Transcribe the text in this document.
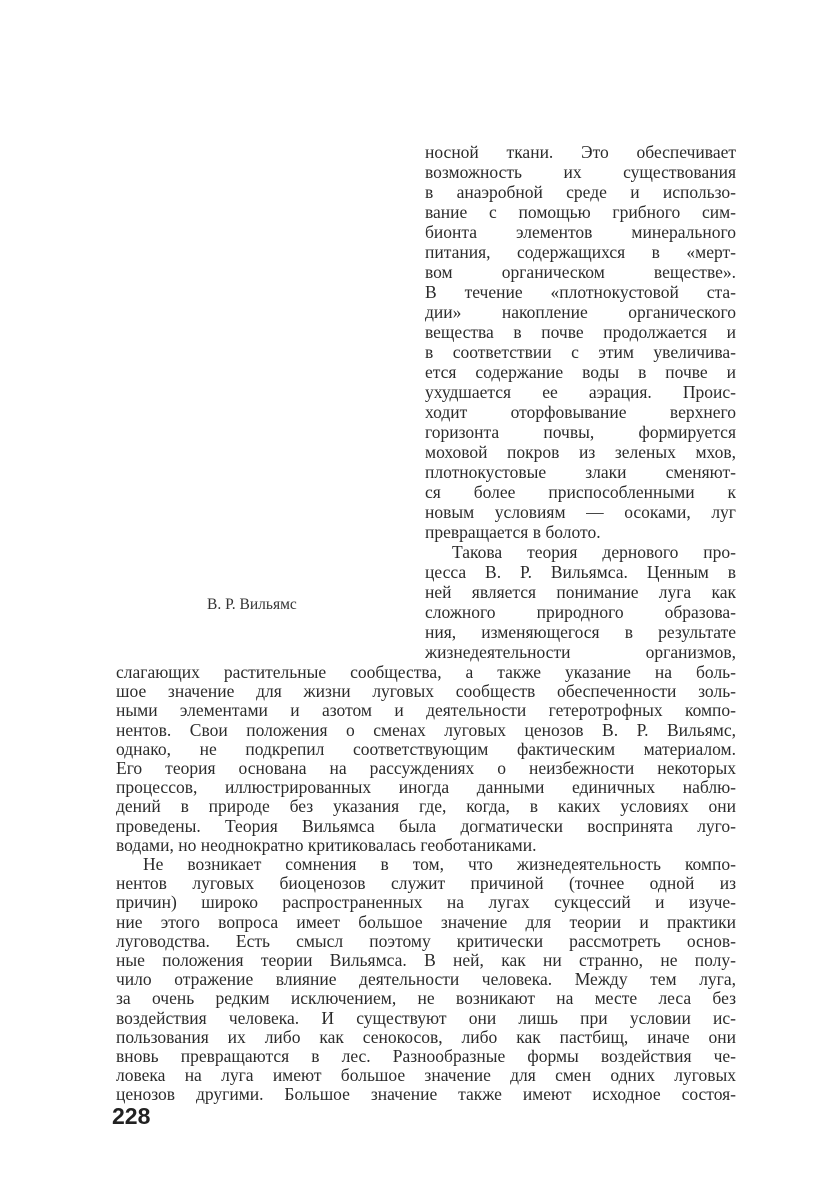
носной ткани. Это обеспечивает
возможность их существования
в анаэробной среде и использо-
вание с помощью грибного сим-
бионта элементов минерального
питания, содержащихся в «мерт-
вом органическом веществе».
В течение «плотнокустовой ста-
дии» накопление органического
вещества в почве продолжается и
в соответствии с этим увеличива-
ется содержание воды в почве и
ухудшается ее аэрация. Проис-
ходит оторфовывание верхнего
горизонта почвы, формируется
моховой покров из зеленых мхов,
плотнокустовые злаки сменяют-
ся более приспособленными к
новым условиям — осоками, луг
превращается в болото.
Такова теория дернового про-
цесса В. Р. Вильямса. Ценным в
ней является понимание луга как
сложного природного образова-
ния, изменяющегося в результате
жизнедеятельности организмов,
В. Р. Вильямс
слагающих растительные сообщества, а также указание на боль-
шое значение для жизни луговых сообществ обеспеченности золь-
ными элементами и азотом и деятельности гетеротрофных компо-
нентов. Свои положения о сменах луговых ценозов В. Р. Вильямс,
однако, не подкрепил соответствующим фактическим материалом.
Его теория основана на рассуждениях о неизбежности некоторых
процессов, иллюстрированных иногда данными единичных наблю-
дений в природе без указания где, когда, в каких условиях они
проведены. Теория Вильямса была догматически воспринята луго-
водами, но неоднократно критиковалась геоботаниками.
Не возникает сомнения в том, что жизнедеятельность компо-
нентов луговых биоценозов служит причиной (точнее одной из
причин) широко распространенных на лугах сукцессий и изуче-
ние этого вопроса имеет большое значение для теории и практики
луговодства. Есть смысл поэтому критически рассмотреть основ-
ные положения теории Вильямса. В ней, как ни странно, не полу-
чило отражение влияние деятельности человека. Между тем луга,
за очень редким исключением, не возникают на месте леса без
воздействия человека. И существуют они лишь при условии ис-
пользования их либо как сенокосов, либо как пастбищ, иначе они
вновь превращаются в лес. Разнообразные формы воздействия че-
ловека на луга имеют большое значение для смен одних луговых
ценозов другими. Большое значение также имеют исходное состоя-
228
